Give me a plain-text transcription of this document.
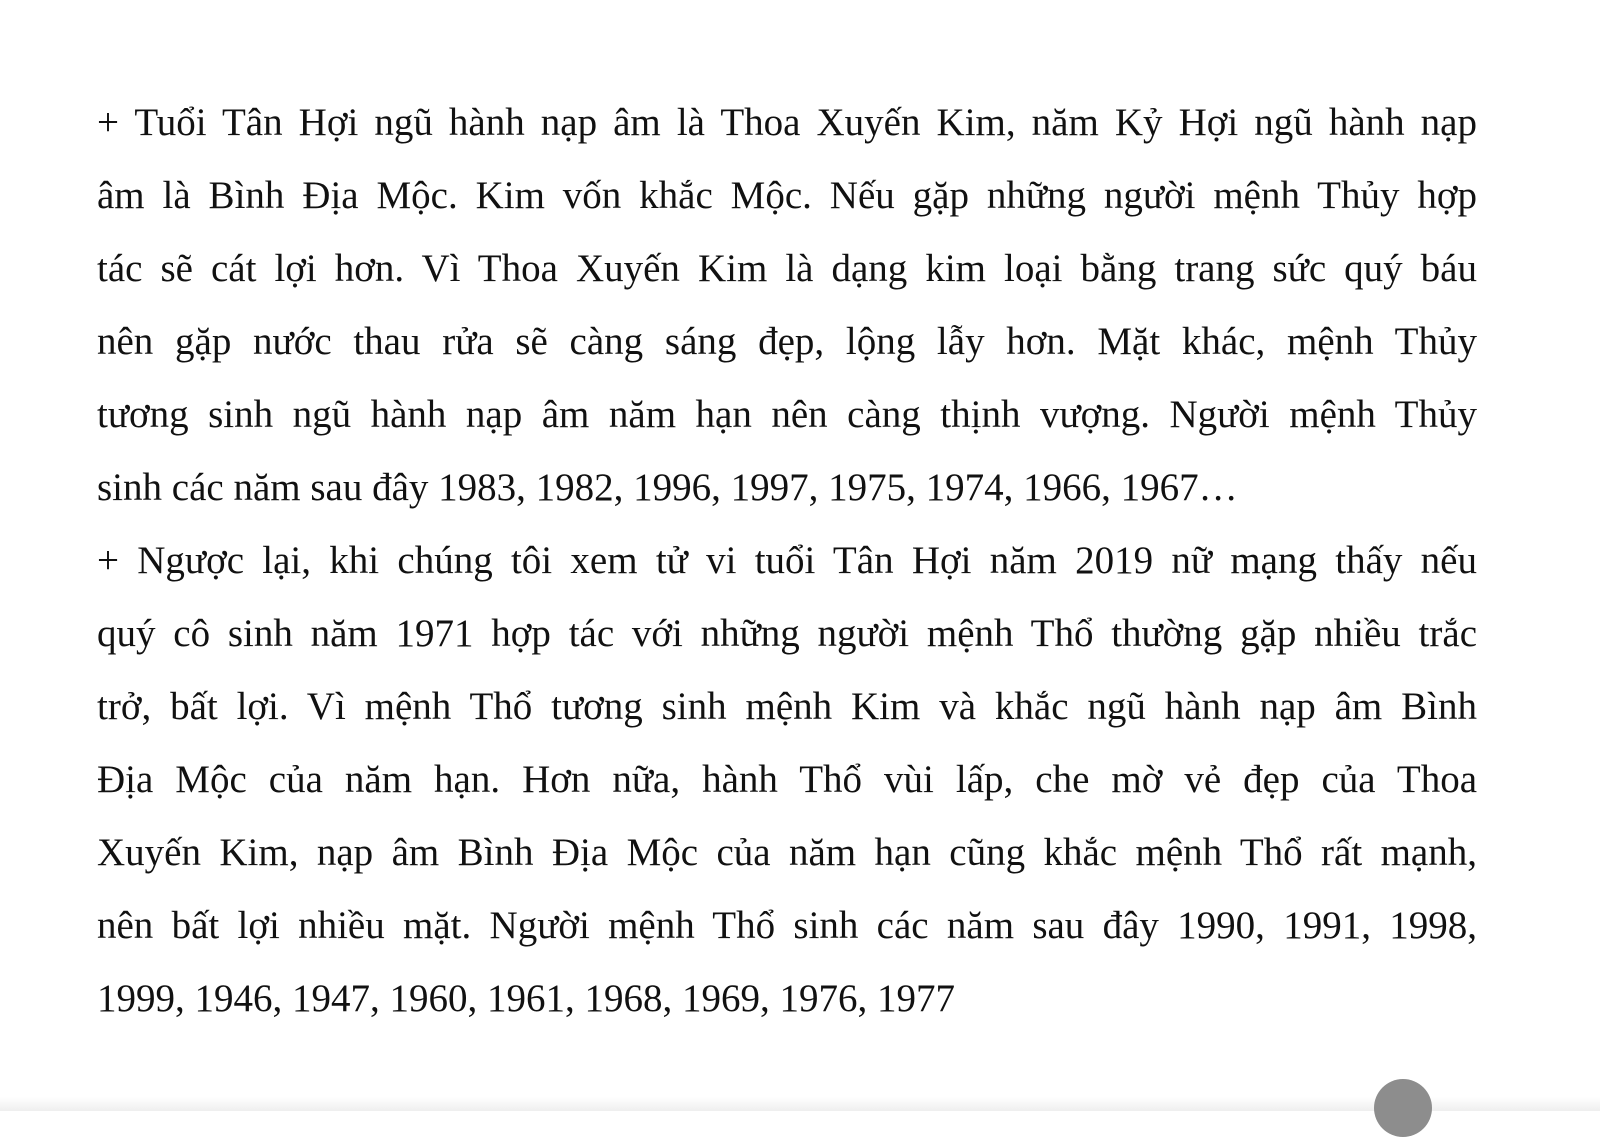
+ Tuổi Tân Hợi ngũ hành nạp âm là Thoa Xuyến Kim, năm Kỷ Hợi ngũ hành nạp
âm là Bình Địa Mộc. Kim vốn khắc Mộc. Nếu gặp những người mệnh Thủy hợp
tác sẽ cát lợi hơn. Vì Thoa Xuyến Kim là dạng kim loại bằng trang sức quý báu
nên gặp nước thau rửa sẽ càng sáng đẹp, lộng lẫy hơn. Mặt khác, mệnh Thủy
tương sinh ngũ hành nạp âm năm hạn nên càng thịnh vượng. Người mệnh Thủy
sinh các năm sau đây 1983, 1982, 1996, 1997, 1975, 1974, 1966, 1967…

+ Ngược lại, khi chúng tôi xem tử vi tuổi Tân Hợi năm 2019 nữ mạng thấy nếu
quý cô sinh năm 1971 hợp tác với những người mệnh Thổ thường gặp nhiều trắc
trở, bất lợi. Vì mệnh Thổ tương sinh mệnh Kim và khắc ngũ hành nạp âm Bình
Địa Mộc của năm hạn. Hơn nữa, hành Thổ vùi lấp, che mờ vẻ đẹp của Thoa
Xuyến Kim, nạp âm Bình Địa Mộc của năm hạn cũng khắc mệnh Thổ rất mạnh,
nên bất lợi nhiều mặt. Người mệnh Thổ sinh các năm sau đây 1990, 1991, 1998,
1999, 1946, 1947, 1960, 1961, 1968, 1969, 1976, 1977
